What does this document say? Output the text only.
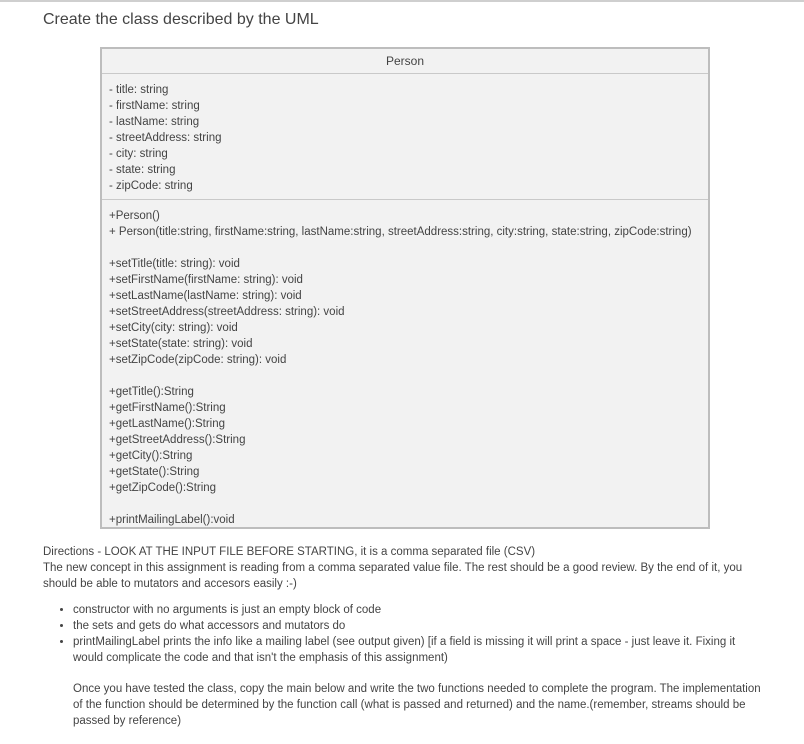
Create the class described by the UML
Person
- title: string
- firstName: string
- lastName: string
- streetAddress: string
- city: string
- state: string
- zipCode: string
+Person()
+ Person(title:string, firstName:string, lastName:string, streetAddress:string, city:string, state:string, zipCode:string)
+setTitle(title: string): void
+setFirstName(firstName: string): void
+setLastName(lastName: string): void
+setStreetAddress(streetAddress: string): void
+setCity(city: string): void
+setState(state: string): void
+setZipCode(zipCode: string): void
+getTitle():String
+getFirstName():String
+getLastName():String
+getStreetAddress():String
+getCity():String
+getState():String
+getZipCode():String
+printMailingLabel():void
Directions - LOOK AT THE INPUT FILE BEFORE STARTING, it is a comma separated file (CSV)
The new concept in this assignment is reading from a comma separated value file. The rest should be a good review. By the end of it, you should be able to mutators and accesors easily :-)
• constructor with no arguments is just an empty block of code
• the sets and gets do what accessors and mutators do
• printMailingLabel prints the info like a mailing label (see output given) [if a field is missing it will print a space - just leave it. Fixing it would complicate the code and that isn't the emphasis of this assignment)
Once you have tested the class, copy the main below and write the two functions needed to complete the program. The implementation of the function should be determined by the function call (what is passed and returned) and the name.(remember, streams should be passed by reference)
